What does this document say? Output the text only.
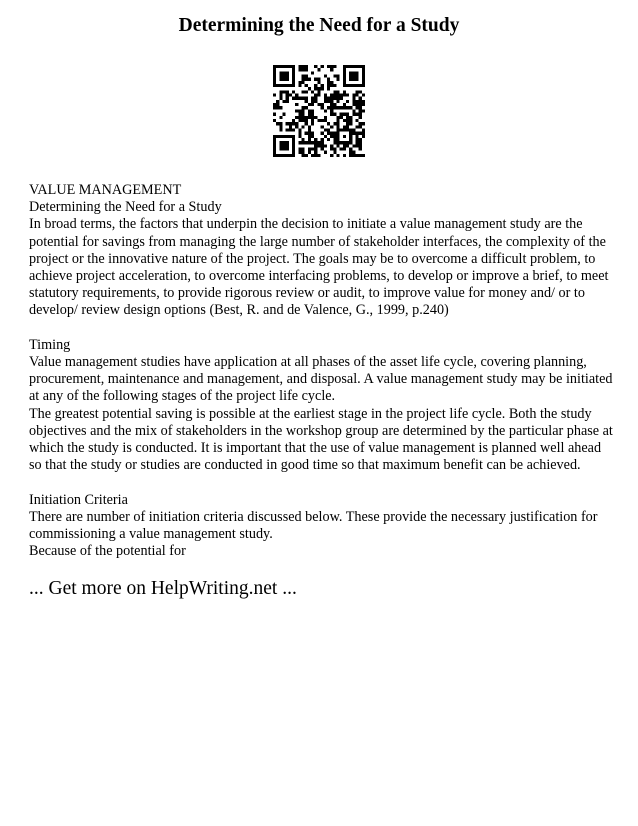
Determining the Need for a Study

VALUE MANAGEMENT

Determining the Need for a Study

In broad terms, the factors that underpin the decision to initiate a value management study are the potential for savings from managing the large number of stakeholder interfaces, the complexity of the project or the innovative nature of the project. The goals may be to overcome a difficult problem, to achieve project acceleration, to overcome interfacing problems, to develop or improve a brief, to meet statutory requirements, to provide rigorous review or audit, to improve value for money and/ or to develop/ review design options (Best, R. and de Valence, G., 1999, p.240)

Timing

Value management studies have application at all phases of the asset life cycle, covering planning, procurement, maintenance and management, and disposal. A value management study may be initiated at any of the following stages of the project life cycle.

The greatest potential saving is possible at the earliest stage in the project life cycle. Both the study objectives and the mix of stakeholders in the workshop group are determined by the particular phase at which the study is conducted. It is important that the use of value management is planned well ahead so that the study or studies are conducted in good time so that maximum benefit can be achieved.

Initiation Criteria

There are number of initiation criteria discussed below. These provide the necessary justification for commissioning a value management study.

Because of the potential for

... Get more on HelpWriting.net ...
